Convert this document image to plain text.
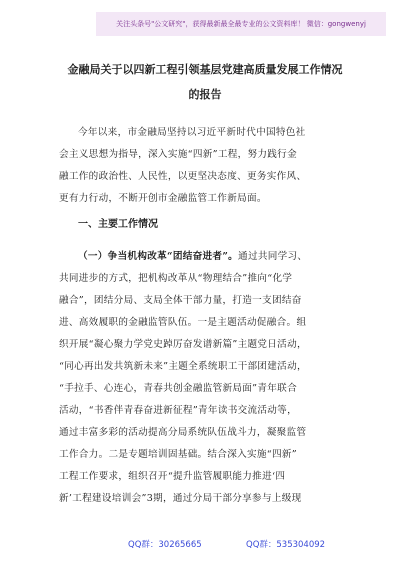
关注头条号"公文研究"，获得最新最全最专业的公文资料库！ 微信：gongwenyj
金融局关于以四新工程引领基层党建高质量发展工作情况
的报告
今年以来，市金融局坚持以习近平新时代中国特色社
会主义思想为指导，深入实施“四新”工程，努力践行金
融工作的政治性、人民性，以更坚决态度、更务实作风、
更有力行动，不断开创市金融监管工作新局面。
一、主要工作情况
（一）争当机构改革“团结奋进者”。通过共同学习、
共同进步的方式，把机构改革从“物理结合”推向“化学
融合”，团结分局、支局全体干部力量，打造一支团结奋
进、高效履职的金融监管队伍。一是主题活动促融合。组
织开展“凝心聚力学党史踔厉奋发谱新篇”主题党日活动，
“同心再出发共筑新未来”主题全系统职工干部团建活动，
“手拉手、心连心，青春共创金融监管新局面”青年联合
活动，“书香伴青春奋进新征程”青年读书交流活动等，
通过丰富多彩的活动提高分局系统队伍战斗力，凝聚监管
工作合力。二是专题培训固基础。结合深入实施“四新”
工程工作要求，组织召开“提升监管履职能力推进‘四
新’工程建设培训会”3期，通过分局干部分享参与上级现
QQ群：30265665	QQ群：535304092
